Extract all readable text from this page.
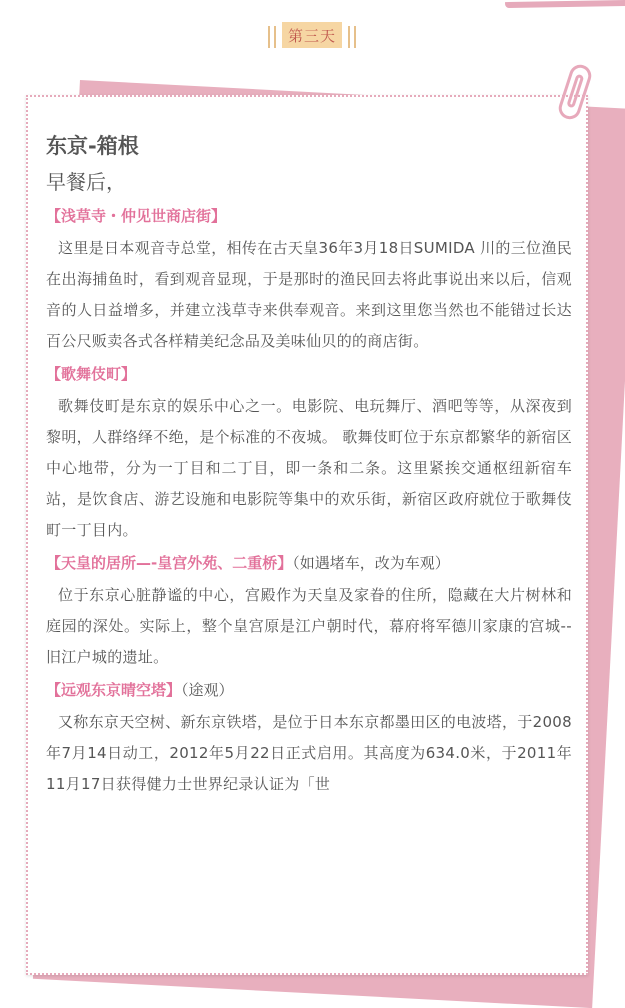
第三天
东京-箱根
早餐后，
【浅草寺・仲见世商店街】
这里是日本观音寺总堂，相传在古天皇36年3月18日SUMIDA 川的三位渔民在出海捕鱼时，看到观音显现，于是那时的渔民回去将此事说出来以后，信观音的人日益增多，并建立浅草寺来供奉观音。来到这里您当然也不能错过长达百公尺贩卖各式各样精美纪念品及美味仙贝的的商店街。
【歌舞伎町】
歌舞伎町是东京的娱乐中心之一。电影院、电玩舞厅、酒吧等等，从深夜到黎明，人群络绎不绝，是个标准的不夜城。 歌舞伎町位于东京都繁华的新宿区中心地带，分为一丁目和二丁目，即一条和二条。这里紧挨交通枢纽新宿车站，是饮食店、游艺设施和电影院等集中的欢乐街，新宿区政府就位于歌舞伎町一丁目内。
【天皇的居所—-皇宫外苑、二重桥】（如遇堵车，改为车观）
位于东京心脏静谧的中心，宫殿作为天皇及家眷的住所，隐藏在大片树林和庭园的深处。实际上，整个皇宫原是江户朝时代，幕府将军德川家康的宫城--旧江户城的遗址。
【远观东京晴空塔】（途观）
又称东京天空树、新东京铁塔，是位于日本东京都墨田区的电波塔，于2008年7月14日动工，2012年5月22日正式启用。其高度为634.0米，于2011年11月17日获得健力士世界纪录认证为「世
